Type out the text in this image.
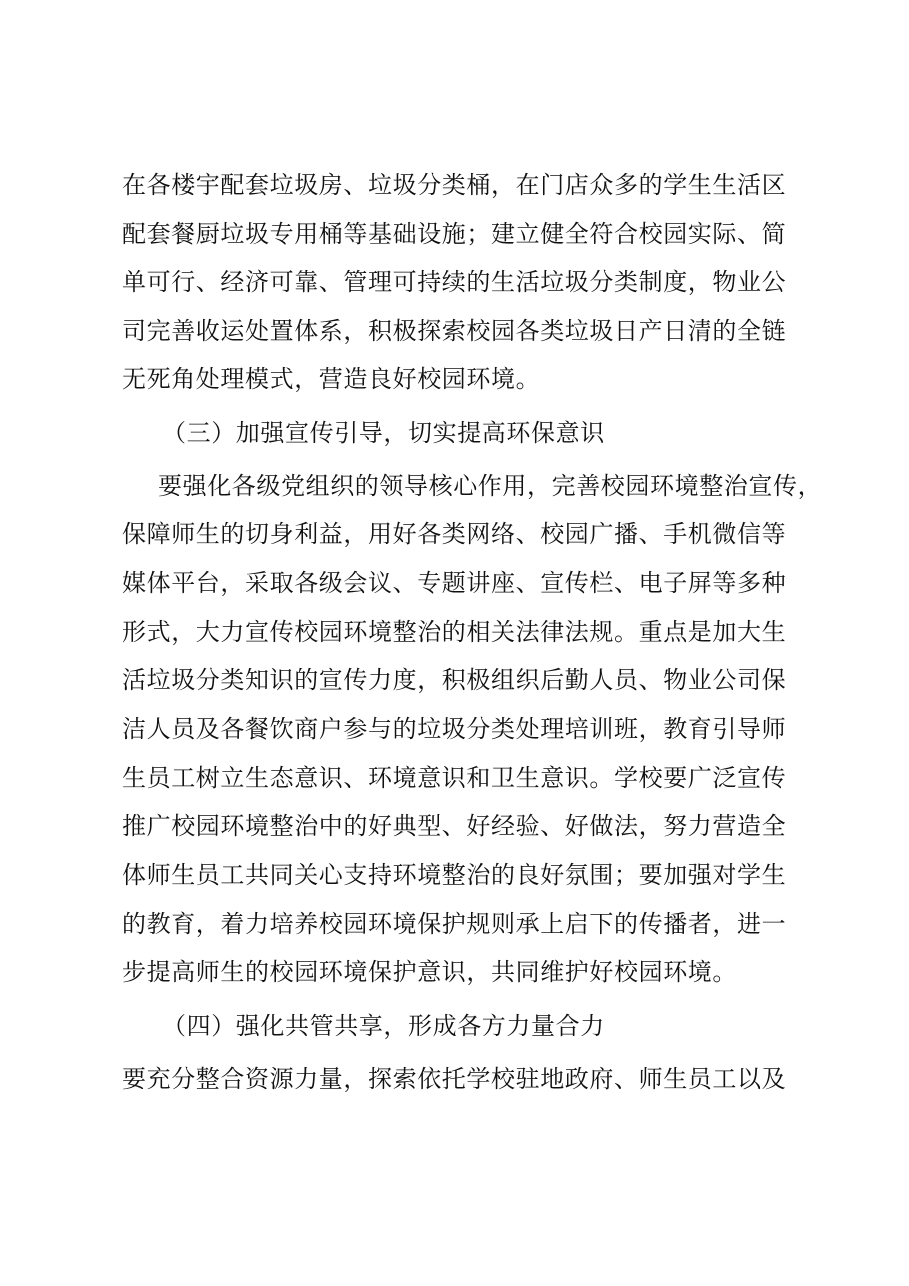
在各楼宇配套垃圾房、垃圾分类桶，在门店众多的学生生活区

配套餐厨垃圾专用桶等基础设施；建立健全符合校园实际、简

单可行、经济可靠、管理可持续的生活垃圾分类制度，物业公

司完善收运处置体系，积极探索校园各类垃圾日产日清的全链

无死角处理模式，营造良好校园环境。

（三）加强宣传引导，切实提高环保意识

要强化各级党组织的领导核心作用，完善校园环境整治宣传，

保障师生的切身利益，用好各类网络、校园广播、手机微信等

媒体平台，采取各级会议、专题讲座、宣传栏、电子屏等多种

形式，大力宣传校园环境整治的相关法律法规。重点是加大生

活垃圾分类知识的宣传力度，积极组织后勤人员、物业公司保

洁人员及各餐饮商户参与的垃圾分类处理培训班，教育引导师

生员工树立生态意识、环境意识和卫生意识。学校要广泛宣传

推广校园环境整治中的好典型、好经验、好做法，努力营造全

体师生员工共同关心支持环境整治的良好氛围；要加强对学生

的教育，着力培养校园环境保护规则承上启下的传播者，进一

步提高师生的校园环境保护意识，共同维护好校园环境。

（四）强化共管共享，形成各方力量合力

要充分整合资源力量，探索依托学校驻地政府、师生员工以及
